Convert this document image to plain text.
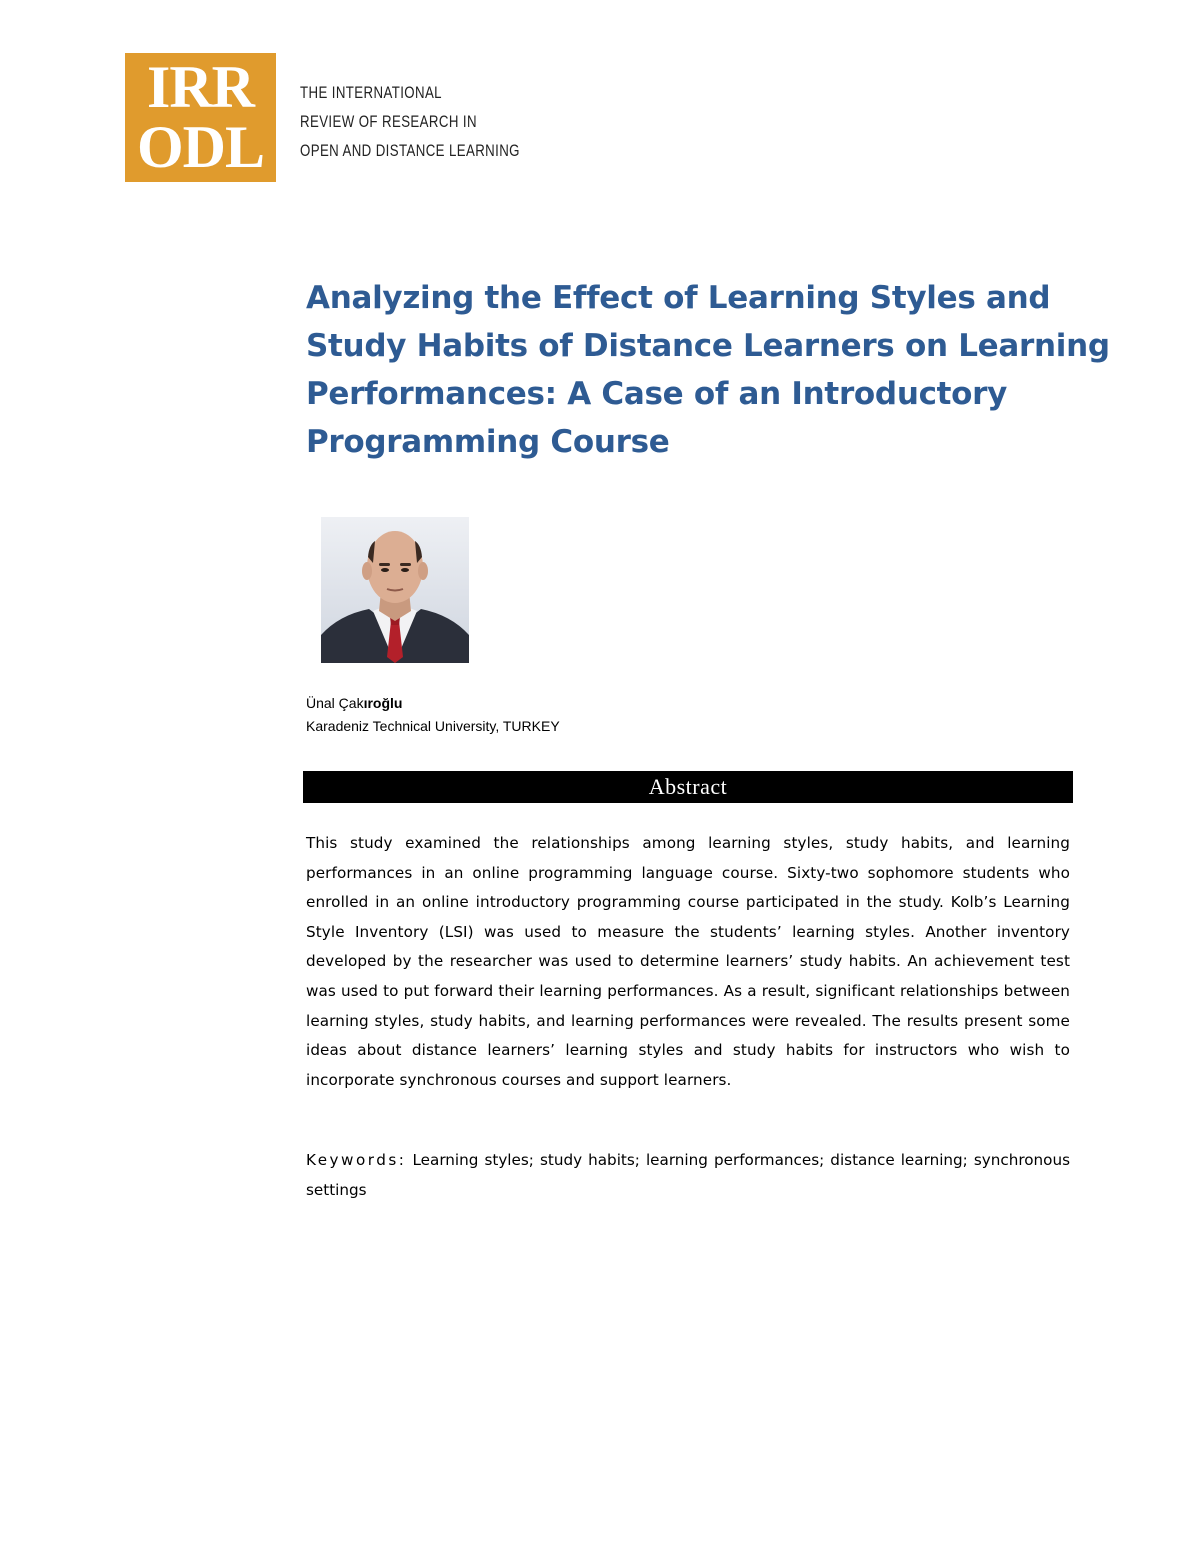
IRR
ODL
THE INTERNATIONAL
REVIEW OF RESEARCH IN
OPEN AND DISTANCE LEARNING
Analyzing the Effect of Learning Styles and
Study Habits of Distance Learners on Learning
Performances: A Case of an Introductory
Programming Course
Ünal Çakıroğlu
Karadeniz Technical University, TURKEY
Abstract

This study examined the relationships among learning styles, study habits, and learning performances in an online programming language course. Sixty-two sophomore students who enrolled in an online introductory programming course participated in the study. Kolb’s Learning Style Inventory (LSI) was used to measure the students’ learning styles. Another inventory developed by the researcher was used to determine learners’ study habits. An achievement test was used to put forward their learning performances. As a result, significant relationships between learning styles, study habits, and learning performances were revealed. The results present some ideas about distance learners’ learning styles and study habits for instructors who wish to incorporate synchronous courses and support learners.

Keywords: Learning styles; study habits; learning performances; distance learning; synchronous settings
